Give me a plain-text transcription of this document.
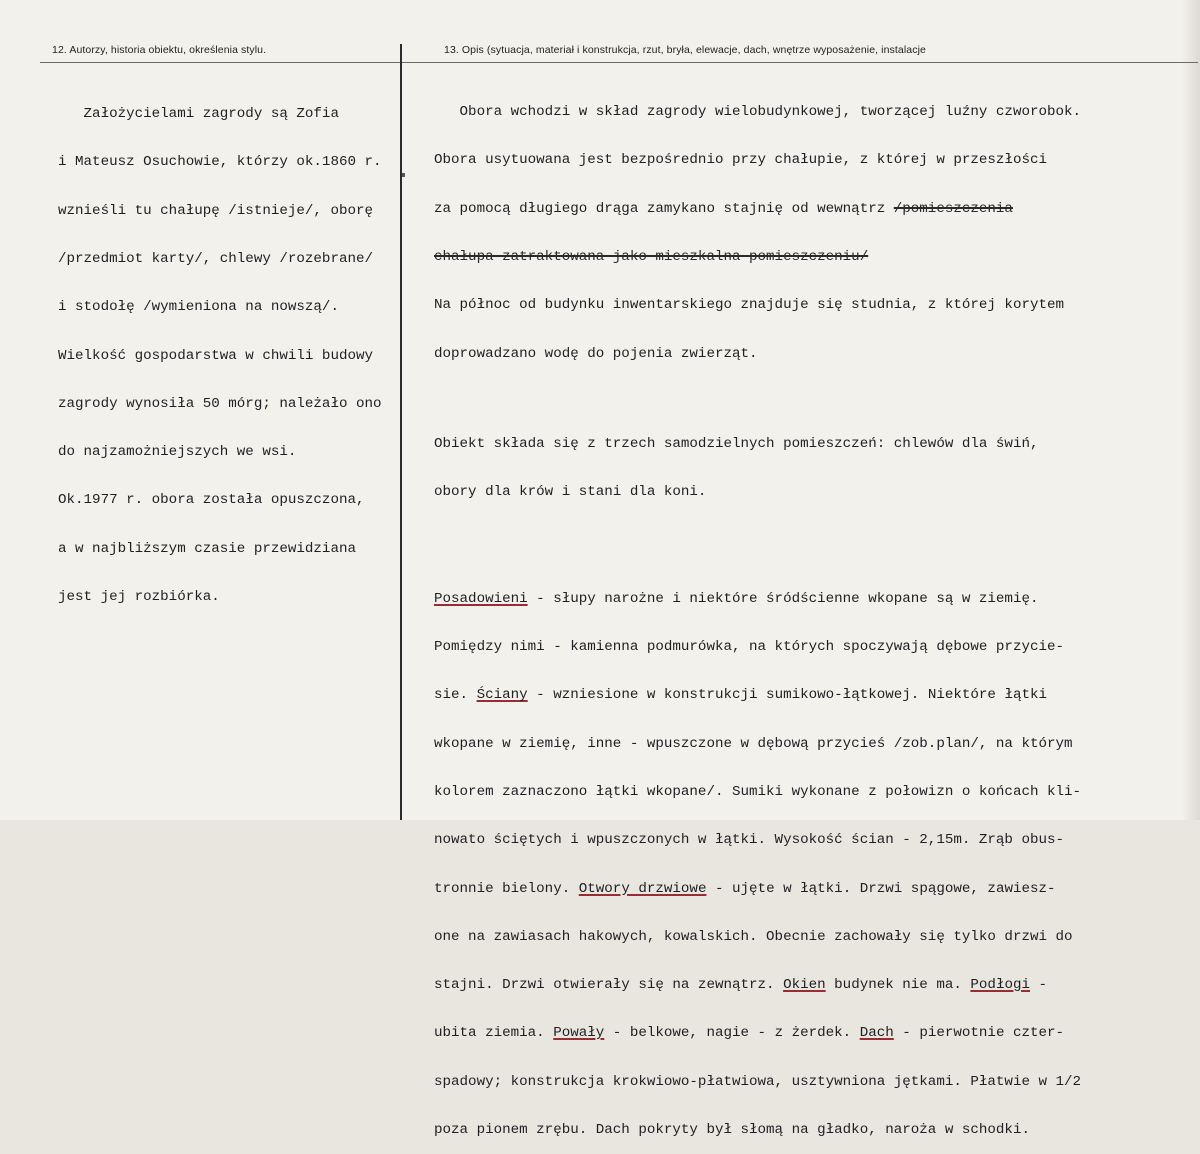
12. Autorzy, historia obiektu, określenia stylu.	13. Opis (sytuacja, materiał i konstrukcja, rzut, bryła, elewacje, dach, wnętrze wyposażenie, instalacje

Założycielami zagrody są Zofia

i Mateusz Osuchowie, którzy ok.1860 r.

wznieśli tu chałupę /istnieje/, oborę

/przedmiot karty/, chlewy /rozebrane/

i stodołę /wymieniona na nowszą/.

Wielkość gospodarstwa w chwili budowy

zagrody wynosiła 50 mórg; należało ono

do najzamożniejszych we wsi.

Ok.1977 r. obora została opuszczona,

a w najbliższym czasie przewidziana

jest jej rozbiórka.

Obora wchodzi w skład zagrody wielobudynkowej, tworzącej luźny czworobok.

Obora usytuowana jest bezpośrednio przy chałupie, z której w przeszłości

za pomocą długiego drąga zamykano stajnię od wewnątrz /pomieszczenia

chałupa zatraktowana jako mieszkalna pomieszczeniu/

Na północ od budynku inwentarskiego znajduje się studnia, z której korytem

doprowadzano wodę do pojenia zwierząt.

Obiekt składa się z trzech samodzielnych pomieszczeń: chlewów dla świń,

obory dla krów i stani dla koni.

Posadowieni - słupy narożne i niektóre śródścienne wkopane są w ziemię.

Pomiędzy nimi - kamienna podmurówka, na których spoczywają dębowe przycie-

sie. Ściany - wzniesione w konstrukcji sumikowo-łątkowej. Niektóre łątki

wkopane w ziemię, inne - wpuszczone w dębową przycieś /zob.plan/, na którym

kolorem zaznaczono łątki wkopane/. Sumiki wykonane z połowizn o końcach kli-

nowato ściętych i wpuszczonych w łątki. Wysokość ścian - 2,15m. Zrąb obus-

tronnie bielony. Otwory drzwiowe - ujęte w łątki. Drzwi spągowe, zawiesz-

one na zawiasach hakowych, kowalskich. Obecnie zachowały się tylko drzwi do

stajni. Drzwi otwierały się na zewnątrz. Okien budynek nie ma. Podłogi -

ubita ziemia. Powały - belkowe, nagie - z żerdek. Dach - pierwotnie czter-

spadowy; konstrukcja krokwiowo-płatwiowa, usztywniona jętkami. Płatwie w 1/2

poza pionem zrębu. Dach pokryty był słomą na gładko, naroża w schodki.
